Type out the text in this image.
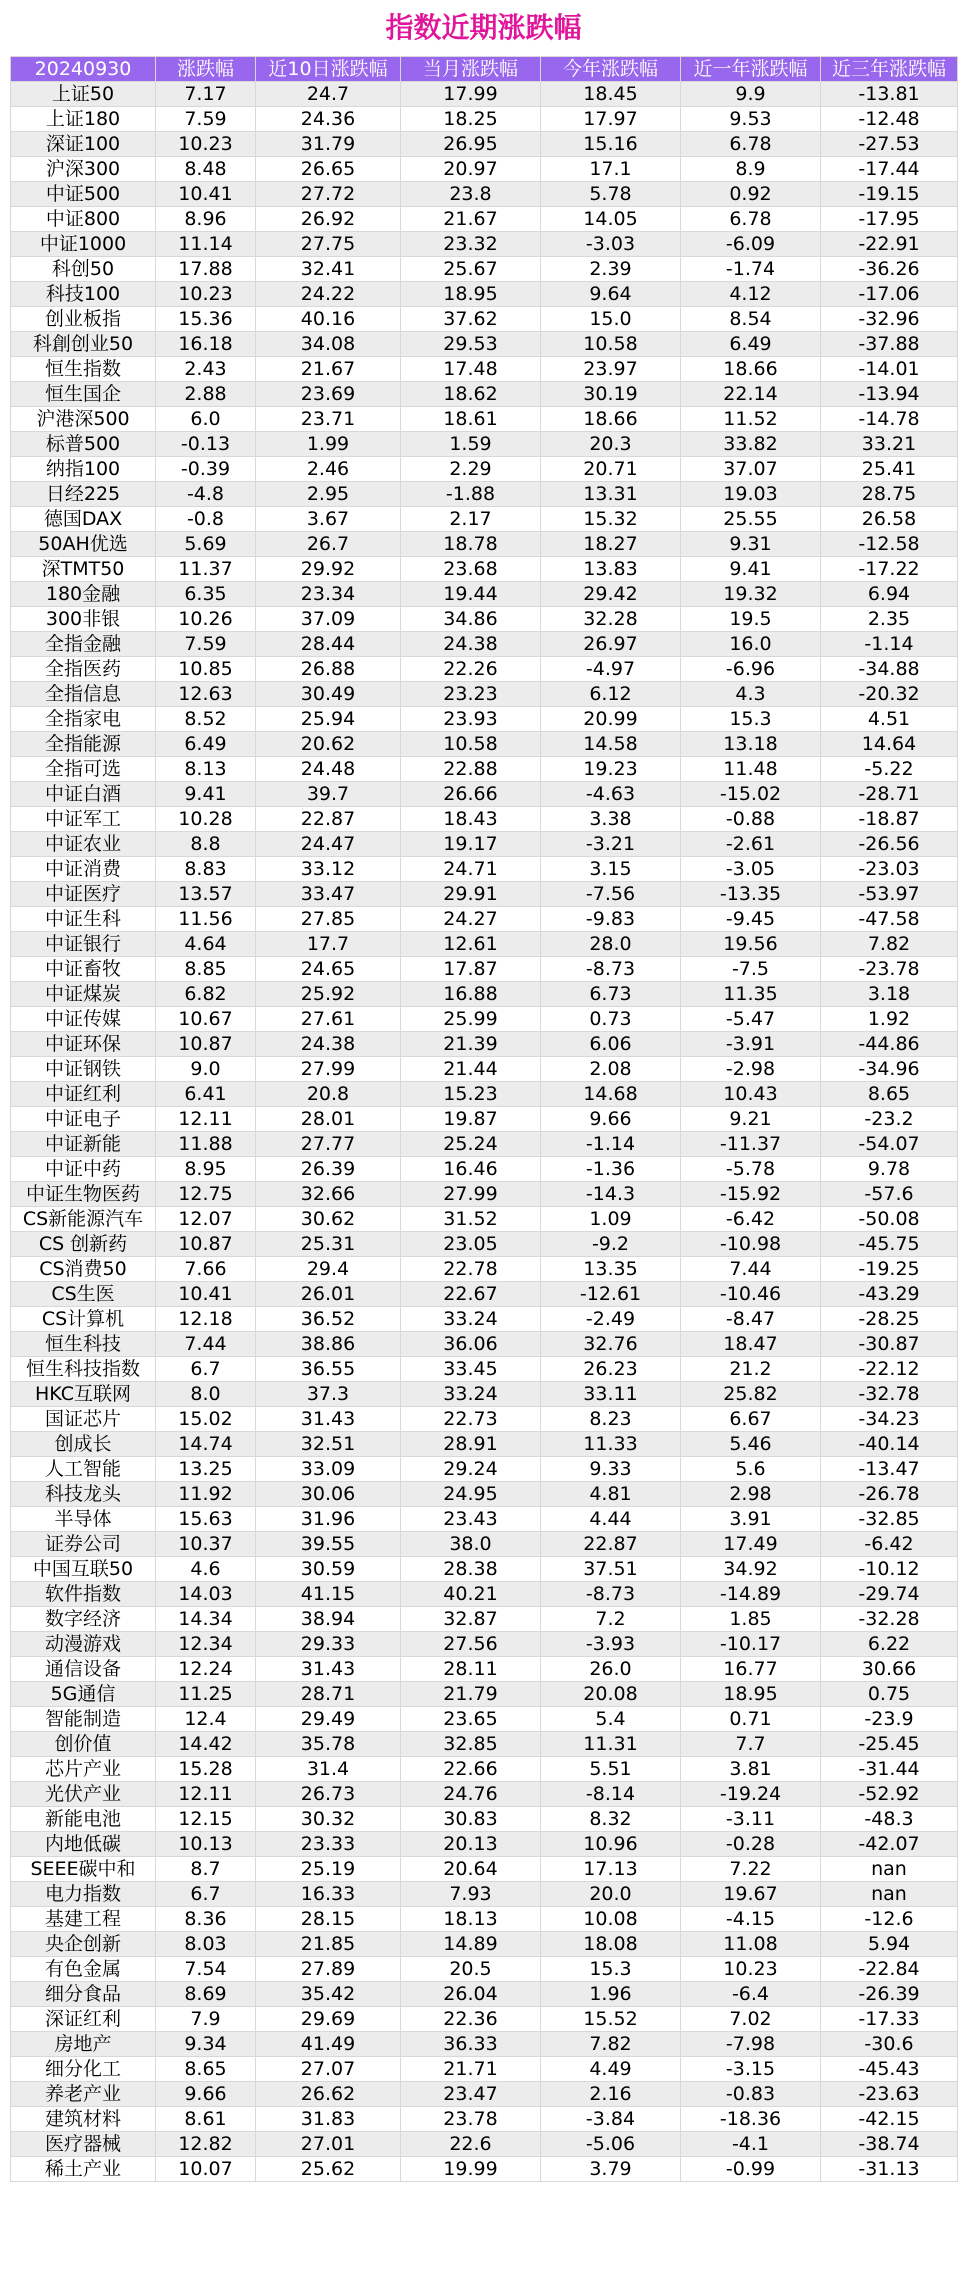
指数近期涨跌幅
20240930	涨跌幅	近10日涨跌幅	当月涨跌幅	今年涨跌幅	近一年涨跌幅	近三年涨跌幅
上证50	7.17	24.7	17.99	18.45	9.9	-13.81
上证180	7.59	24.36	18.25	17.97	9.53	-12.48
深证100	10.23	31.79	26.95	15.16	6.78	-27.53
沪深300	8.48	26.65	20.97	17.1	8.9	-17.44
中证500	10.41	27.72	23.8	5.78	0.92	-19.15
中证800	8.96	26.92	21.67	14.05	6.78	-17.95
中证1000	11.14	27.75	23.32	-3.03	-6.09	-22.91
科创50	17.88	32.41	25.67	2.39	-1.74	-36.26
科技100	10.23	24.22	18.95	9.64	4.12	-17.06
创业板指	15.36	40.16	37.62	15.0	8.54	-32.96
科創创业50	16.18	34.08	29.53	10.58	6.49	-37.88
恒生指数	2.43	21.67	17.48	23.97	18.66	-14.01
恒生国企	2.88	23.69	18.62	30.19	22.14	-13.94
沪港深500	6.0	23.71	18.61	18.66	11.52	-14.78
标普500	-0.13	1.99	1.59	20.3	33.82	33.21
纳指100	-0.39	2.46	2.29	20.71	37.07	25.41
日经225	-4.8	2.95	-1.88	13.31	19.03	28.75
德国DAX	-0.8	3.67	2.17	15.32	25.55	26.58
50AH优选	5.69	26.7	18.78	18.27	9.31	-12.58
深TMT50	11.37	29.92	23.68	13.83	9.41	-17.22
180金融	6.35	23.34	19.44	29.42	19.32	6.94
300非银	10.26	37.09	34.86	32.28	19.5	2.35
全指金融	7.59	28.44	24.38	26.97	16.0	-1.14
全指医药	10.85	26.88	22.26	-4.97	-6.96	-34.88
全指信息	12.63	30.49	23.23	6.12	4.3	-20.32
全指家电	8.52	25.94	23.93	20.99	15.3	4.51
全指能源	6.49	20.62	10.58	14.58	13.18	14.64
全指可选	8.13	24.48	22.88	19.23	11.48	-5.22
中证白酒	9.41	39.7	26.66	-4.63	-15.02	-28.71
中证军工	10.28	22.87	18.43	3.38	-0.88	-18.87
中证农业	8.8	24.47	19.17	-3.21	-2.61	-26.56
中证消费	8.83	33.12	24.71	3.15	-3.05	-23.03
中证医疗	13.57	33.47	29.91	-7.56	-13.35	-53.97
中证生科	11.56	27.85	24.27	-9.83	-9.45	-47.58
中证银行	4.64	17.7	12.61	28.0	19.56	7.82
中证畜牧	8.85	24.65	17.87	-8.73	-7.5	-23.78
中证煤炭	6.82	25.92	16.88	6.73	11.35	3.18
中证传媒	10.67	27.61	25.99	0.73	-5.47	1.92
中证环保	10.87	24.38	21.39	6.06	-3.91	-44.86
中证钢铁	9.0	27.99	21.44	2.08	-2.98	-34.96
中证红利	6.41	20.8	15.23	14.68	10.43	8.65
中证电子	12.11	28.01	19.87	9.66	9.21	-23.2
中证新能	11.88	27.77	25.24	-1.14	-11.37	-54.07
中证中药	8.95	26.39	16.46	-1.36	-5.78	9.78
中证生物医药	12.75	32.66	27.99	-14.3	-15.92	-57.6
CS新能源汽车	12.07	30.62	31.52	1.09	-6.42	-50.08
CS 创新药	10.87	25.31	23.05	-9.2	-10.98	-45.75
CS消费50	7.66	29.4	22.78	13.35	7.44	-19.25
CS生医	10.41	26.01	22.67	-12.61	-10.46	-43.29
CS计算机	12.18	36.52	33.24	-2.49	-8.47	-28.25
恒生科技	7.44	38.86	36.06	32.76	18.47	-30.87
恒生科技指数	6.7	36.55	33.45	26.23	21.2	-22.12
HKC互联网	8.0	37.3	33.24	33.11	25.82	-32.78
国证芯片	15.02	31.43	22.73	8.23	6.67	-34.23
创成长	14.74	32.51	28.91	11.33	5.46	-40.14
人工智能	13.25	33.09	29.24	9.33	5.6	-13.47
科技龙头	11.92	30.06	24.95	4.81	2.98	-26.78
半导体	15.63	31.96	23.43	4.44	3.91	-32.85
证券公司	10.37	39.55	38.0	22.87	17.49	-6.42
中国互联50	4.6	30.59	28.38	37.51	34.92	-10.12
软件指数	14.03	41.15	40.21	-8.73	-14.89	-29.74
数字经济	14.34	38.94	32.87	7.2	1.85	-32.28
动漫游戏	12.34	29.33	27.56	-3.93	-10.17	6.22
通信设备	12.24	31.43	28.11	26.0	16.77	30.66
5G通信	11.25	28.71	21.79	20.08	18.95	0.75
智能制造	12.4	29.49	23.65	5.4	0.71	-23.9
创价值	14.42	35.78	32.85	11.31	7.7	-25.45
芯片产业	15.28	31.4	22.66	5.51	3.81	-31.44
光伏产业	12.11	26.73	24.76	-8.14	-19.24	-52.92
新能电池	12.15	30.32	30.83	8.32	-3.11	-48.3
内地低碳	10.13	23.33	20.13	10.96	-0.28	-42.07
SEEE碳中和	8.7	25.19	20.64	17.13	7.22	nan
电力指数	6.7	16.33	7.93	20.0	19.67	nan
基建工程	8.36	28.15	18.13	10.08	-4.15	-12.6
央企创新	8.03	21.85	14.89	18.08	11.08	5.94
有色金属	7.54	27.89	20.5	15.3	10.23	-22.84
细分食品	8.69	35.42	26.04	1.96	-6.4	-26.39
深证红利	7.9	29.69	22.36	15.52	7.02	-17.33
房地产	9.34	41.49	36.33	7.82	-7.98	-30.6
细分化工	8.65	27.07	21.71	4.49	-3.15	-45.43
养老产业	9.66	26.62	23.47	2.16	-0.83	-23.63
建筑材料	8.61	31.83	23.78	-3.84	-18.36	-42.15
医疗器械	12.82	27.01	22.6	-5.06	-4.1	-38.74
稀土产业	10.07	25.62	19.99	3.79	-0.99	-31.13
